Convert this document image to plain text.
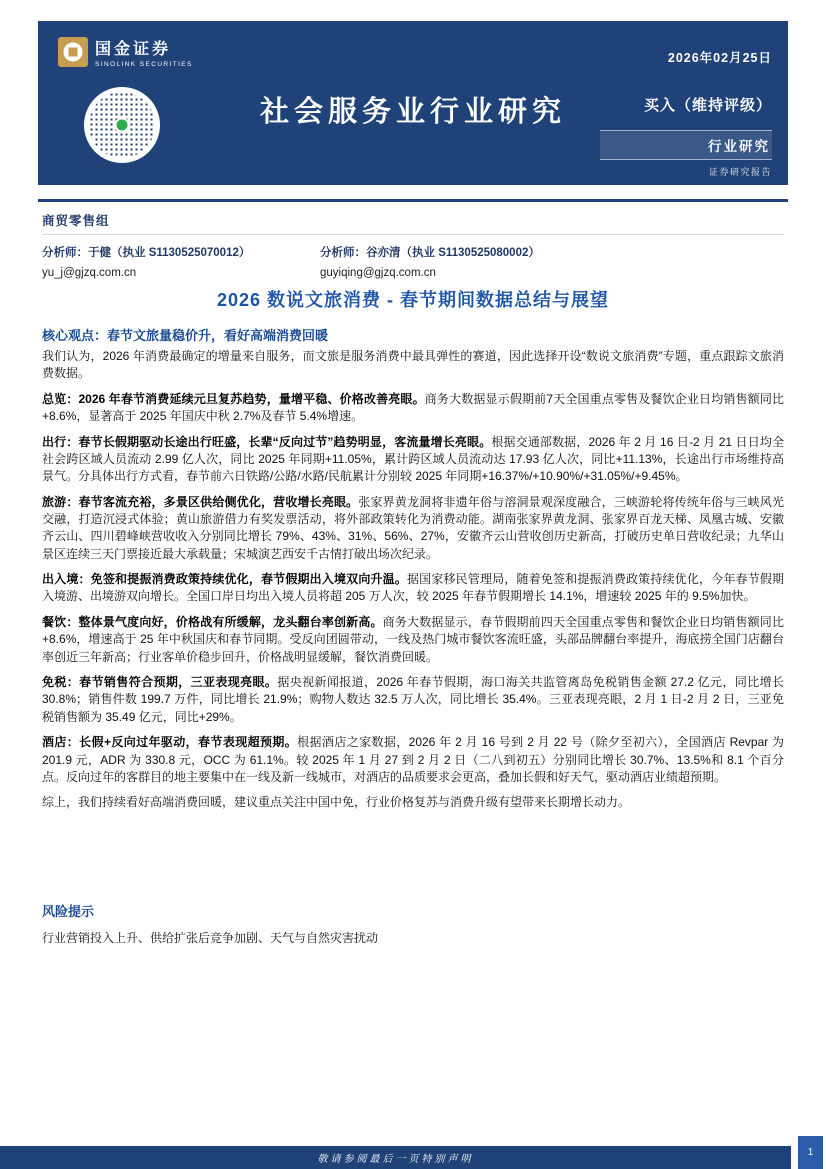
国金证券
SINOLINK SECURITIES
社会服务业行业研究
2026年02月25日
买入（维持评级）
行业研究
证券研究报告
商贸零售组
分析师：于健（执业 S1130525070012）
yu_j@gjzq.com.cn
分析师：谷亦清（执业 S1130525080002）
guyiqing@gjzq.com.cn
2026 数说文旅消费 - 春节期间数据总结与展望
核心观点：春节文旅量稳价升，看好高端消费回暖

我们认为，2026 年消费最确定的增量来自服务，而文旅是服务消费中最具弹性的赛道，因此选择开设“数说文旅消费”专题，重点跟踪文旅消费数据。

总览：2026 年春节消费延续元旦复苏趋势，量增平稳、价格改善亮眼。商务大数据显示假期前7天全国重点零售及餐饮企业日均销售额同比+8.6%，显著高于 2025 年国庆中秋 2.7%及春节 5.4%增速。

出行：春节长假期驱动长途出行旺盛，长辈“反向过节”趋势明显，客流量增长亮眼。根据交通部数据，2026 年 2 月 16 日-2 月 21 日日均全社会跨区域人员流动 2.99 亿人次，同比 2025 年同期+11.05%，累计跨区域人员流动达 17.93 亿人次，同比+11.13%，长途出行市场维持高景气。分具体出行方式看，春节前六日铁路/公路/水路/民航累计分别较 2025 年同期+16.37%/+10.90%/+31.05%/+9.45%。

旅游：春节客流充裕，多景区供给侧优化，营收增长亮眼。张家界黄龙洞将非遗年俗与溶洞景观深度融合，三峡游轮将传统年俗与三峡风光交融，打造沉浸式体验；黄山旅游借力有奖发票活动，将外部政策转化为消费动能。湖南张家界黄龙洞、张家界百龙天梯、凤凰古城、安徽齐云山、四川碧峰峡营收收入分别同比增长 79%、43%、31%、56%、27%，安徽齐云山营收创历史新高，打破历史单日营收纪录；九华山景区连续三天门票接近最大承载量；宋城演艺西安千古情打破出场次纪录。

出入境：免签和提振消费政策持续优化，春节假期出入境双向升温。据国家移民管理局，随着免签和提振消费政策持续优化，今年春节假期入境游、出境游双向增长。全国口岸日均出入境人员将超 205 万人次，较 2025 年春节假期增长 14.1%，增速较 2025 年的 9.5%加快。

餐饮：整体景气度向好，价格战有所缓解，龙头翻台率创新高。商务大数据显示，春节假期前四天全国重点零售和餐饮企业日均销售额同比+8.6%，增速高于 25 年中秋国庆和春节同期。受反向团圆带动，一线及热门城市餐饮客流旺盛，头部品牌翻台率提升，海底捞全国门店翻台率创近三年新高；行业客单价稳步回升，价格战明显缓解，餐饮消费回暖。

免税：春节销售符合预期，三亚表现亮眼。据央视新闻报道，2026 年春节假期，海口海关共监管离岛免税销售金额 27.2 亿元，同比增长 30.8%；销售件数 199.7 万件，同比增长 21.9%；购物人数达 32.5 万人次，同比增长 35.4%。三亚表现亮眼，2 月 1 日-2 月 2 日，三亚免税销售额为 35.49 亿元，同比+29%。

酒店：长假+反向过年驱动，春节表现超预期。根据酒店之家数据，2026 年 2 月 16 号到 2 月 22 号（除夕至初六），全国酒店 Revpar 为 201.9 元，ADR 为 330.8 元，OCC 为 61.1%。较 2025 年 1 月 27 到 2 月 2 日（二八到初五）分别同比增长 30.7%、13.5%和 8.1 个百分点。反向过年的客群目的地主要集中在一线及新一线城市，对酒店的品质要求会更高，叠加长假和好天气，驱动酒店业绩超预期。

综上，我们持续看好高端消费回暖，建议重点关注中国中免，行业价格复苏与消费升级有望带来长期增长动力。

风险提示

行业营销投入上升、供给扩张后竞争加剧、天气与自然灾害扰动

敬请参阅最后一页特别声明
1
